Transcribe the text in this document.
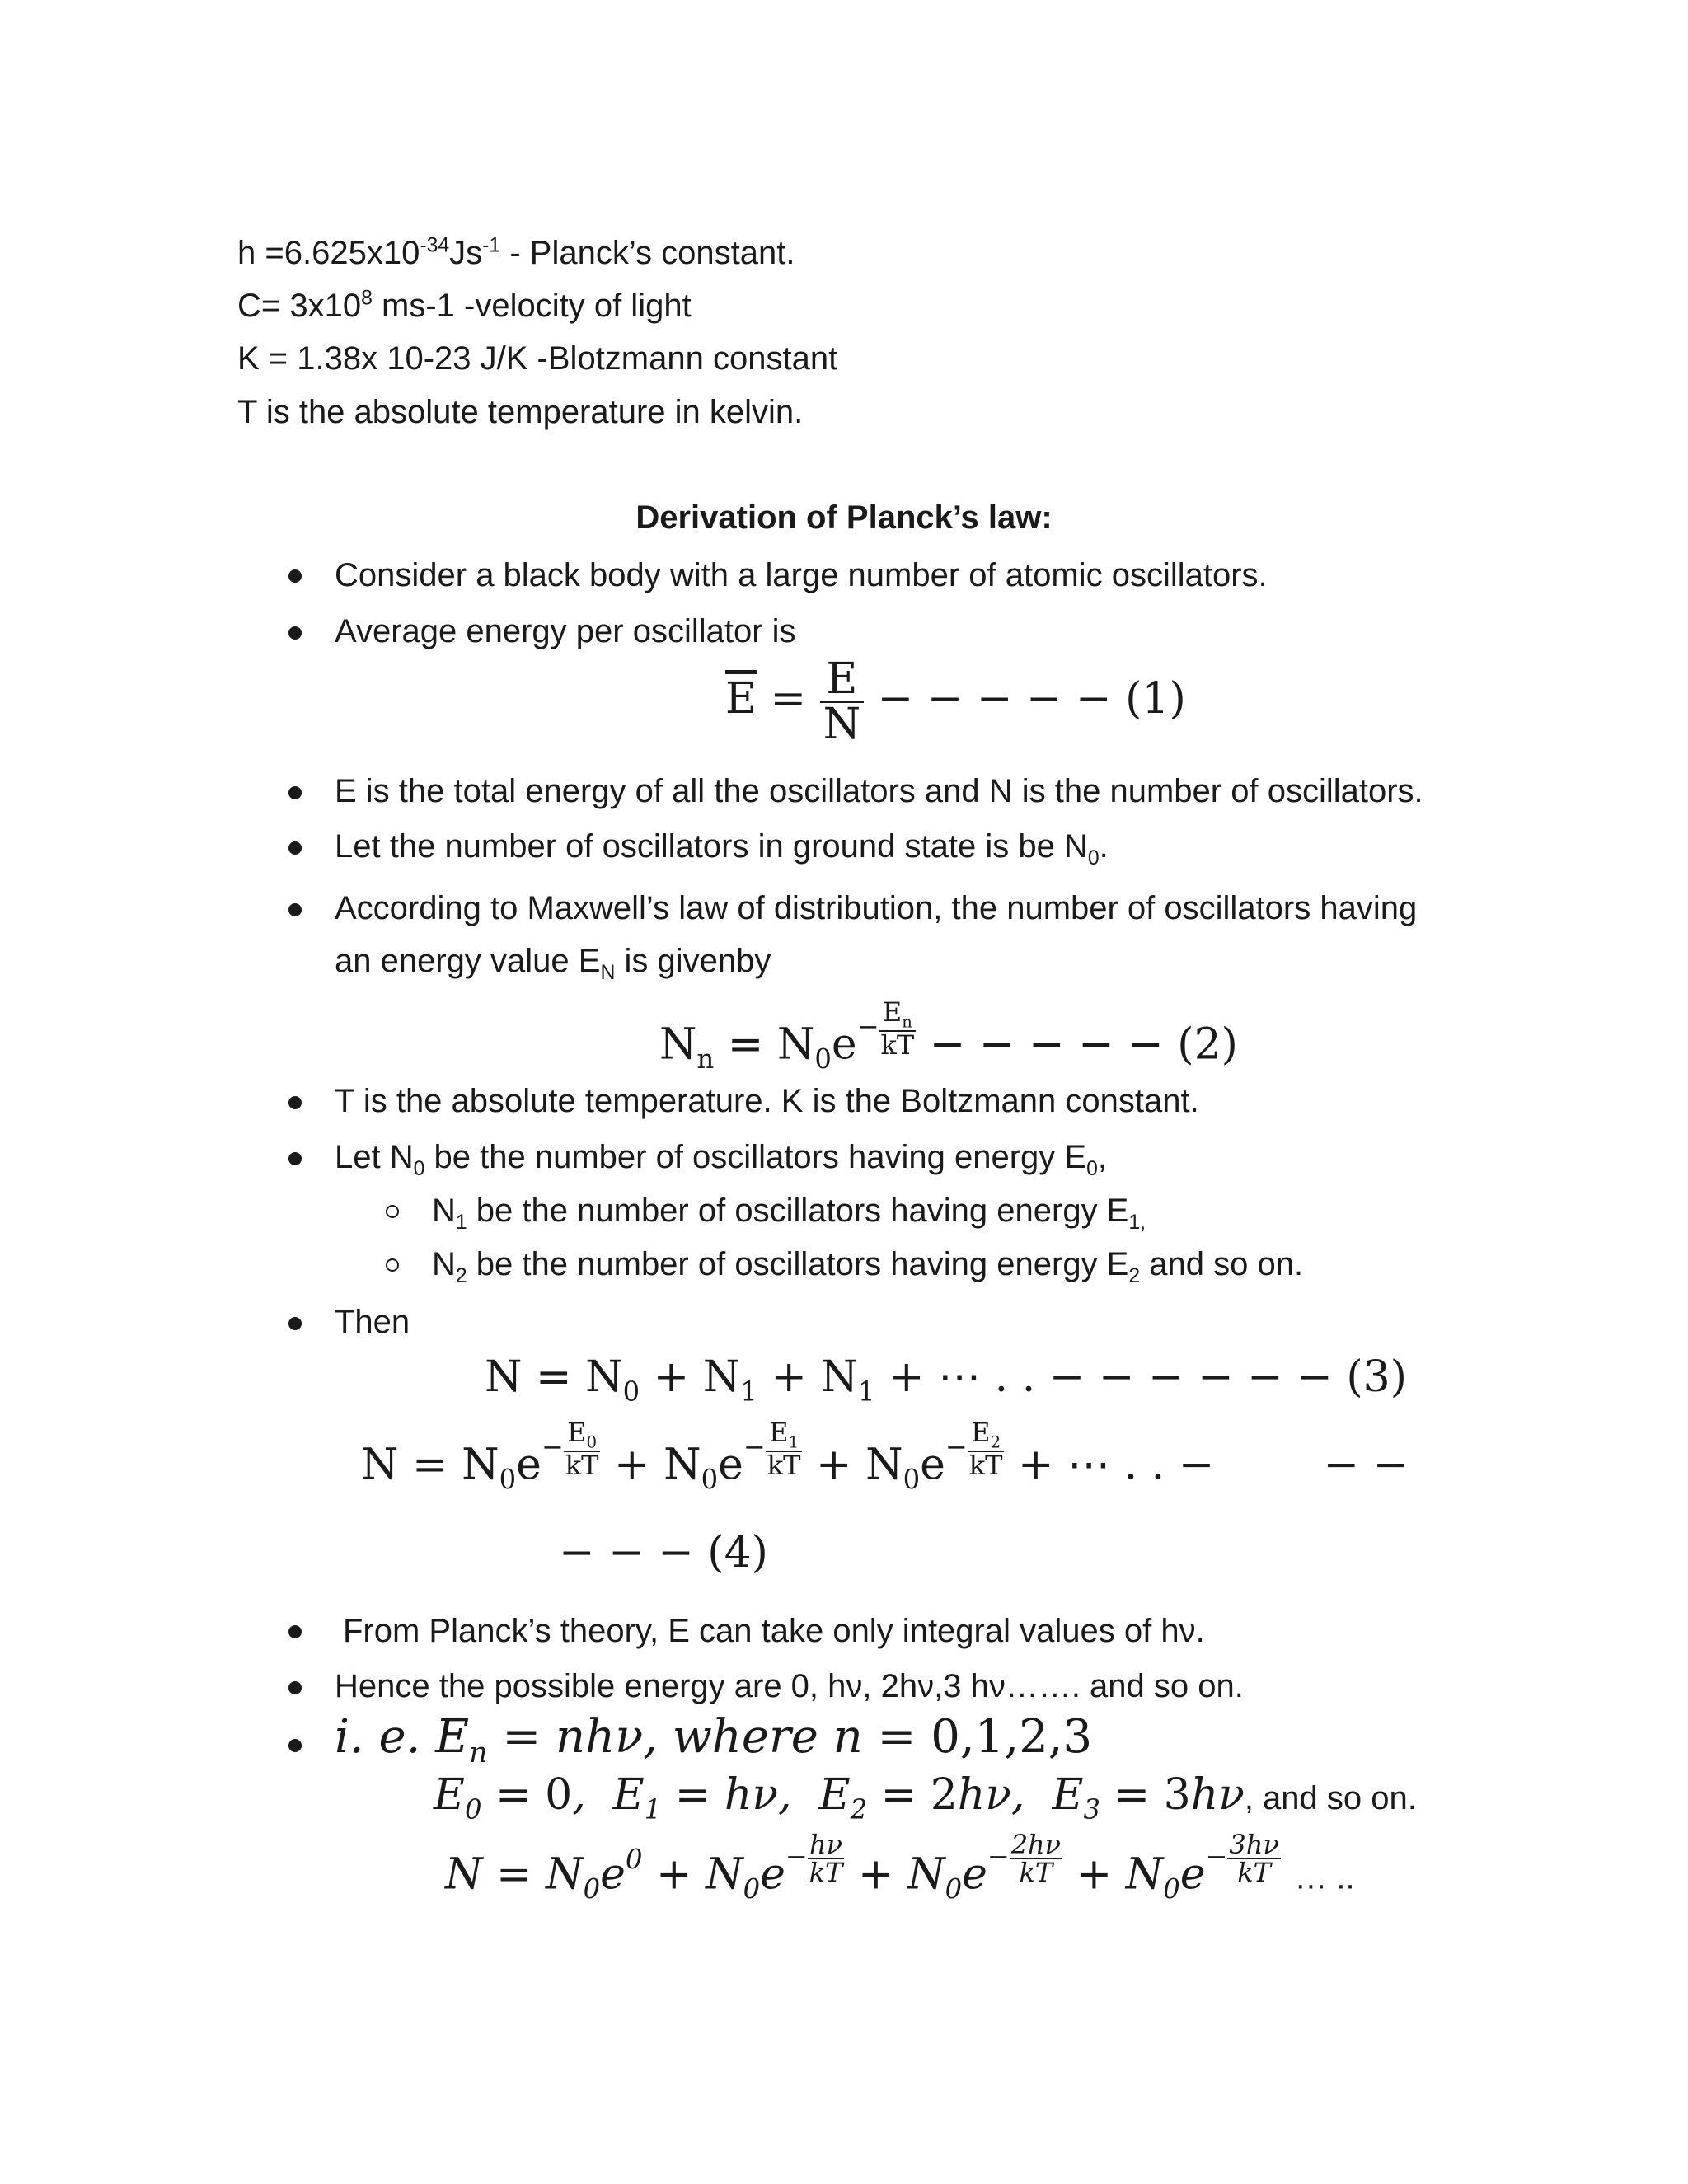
$h =6.625x10^{-34}Js^{-1}$ - Planck’s constant.
$C= 3x10^8$ ms-1 -velocity of light
K = 1.38x 10-23 J/K -Blotzmann constant
T is the absolute temperature in kelvin.
Derivation of Planck’s law:
Consider a black body with a large number of atomic oscillators.
Average energy per oscillator is
$\overline{E} = \frac{E}{N}$ − − − − − (1)
E is the total energy of all the oscillators and N is the number of oscillators.
Let the number of oscillators in ground state is be $N_0$.
According to Maxwell’s law of distribution, the number of oscillators having
an energy value $E_N$ is givenby
$N_n = N_0e- \frac{E_n}{kT}$ − − − − − (2)
T is the absolute temperature. K is the Boltzmann constant.
Let $N_0$ be the number of oscillators having energy $E_0$,
$N_1$ be the number of oscillators having energy $E_{1,}$
$N_2$ be the number of oscillators having energy $E_2$ and so on.
Then
$N = N_0 + N_1 + N_1$ + ⋯ . . − − − − − − (3)
$N = N_0e- \frac{E_0}{kT} + N_0e- \frac{E_1}{kT} + N_0e- \frac{E_2}{kT}$ + ⋯ . . −        − −
− − − (4)
From Planck’s theory, E can take only integral values of hν.
Hence the possible energy are 0, hν, 2hν,3 hν……. and so on.
i. e. $E_n = nh\nu$, where n = 0,1,2,3
$E_0 = 0$,  $E_1 = h\nu$,  $E_2 = 2h\nu$,  $E_3 = 3h\nu$, and so on.
$N = N_0e^0 + N_0e- \frac{h\nu}{kT} + N_0e- \frac{2h\nu}{kT} + N_0e- \frac{3h\nu}{kT}$ … ..
